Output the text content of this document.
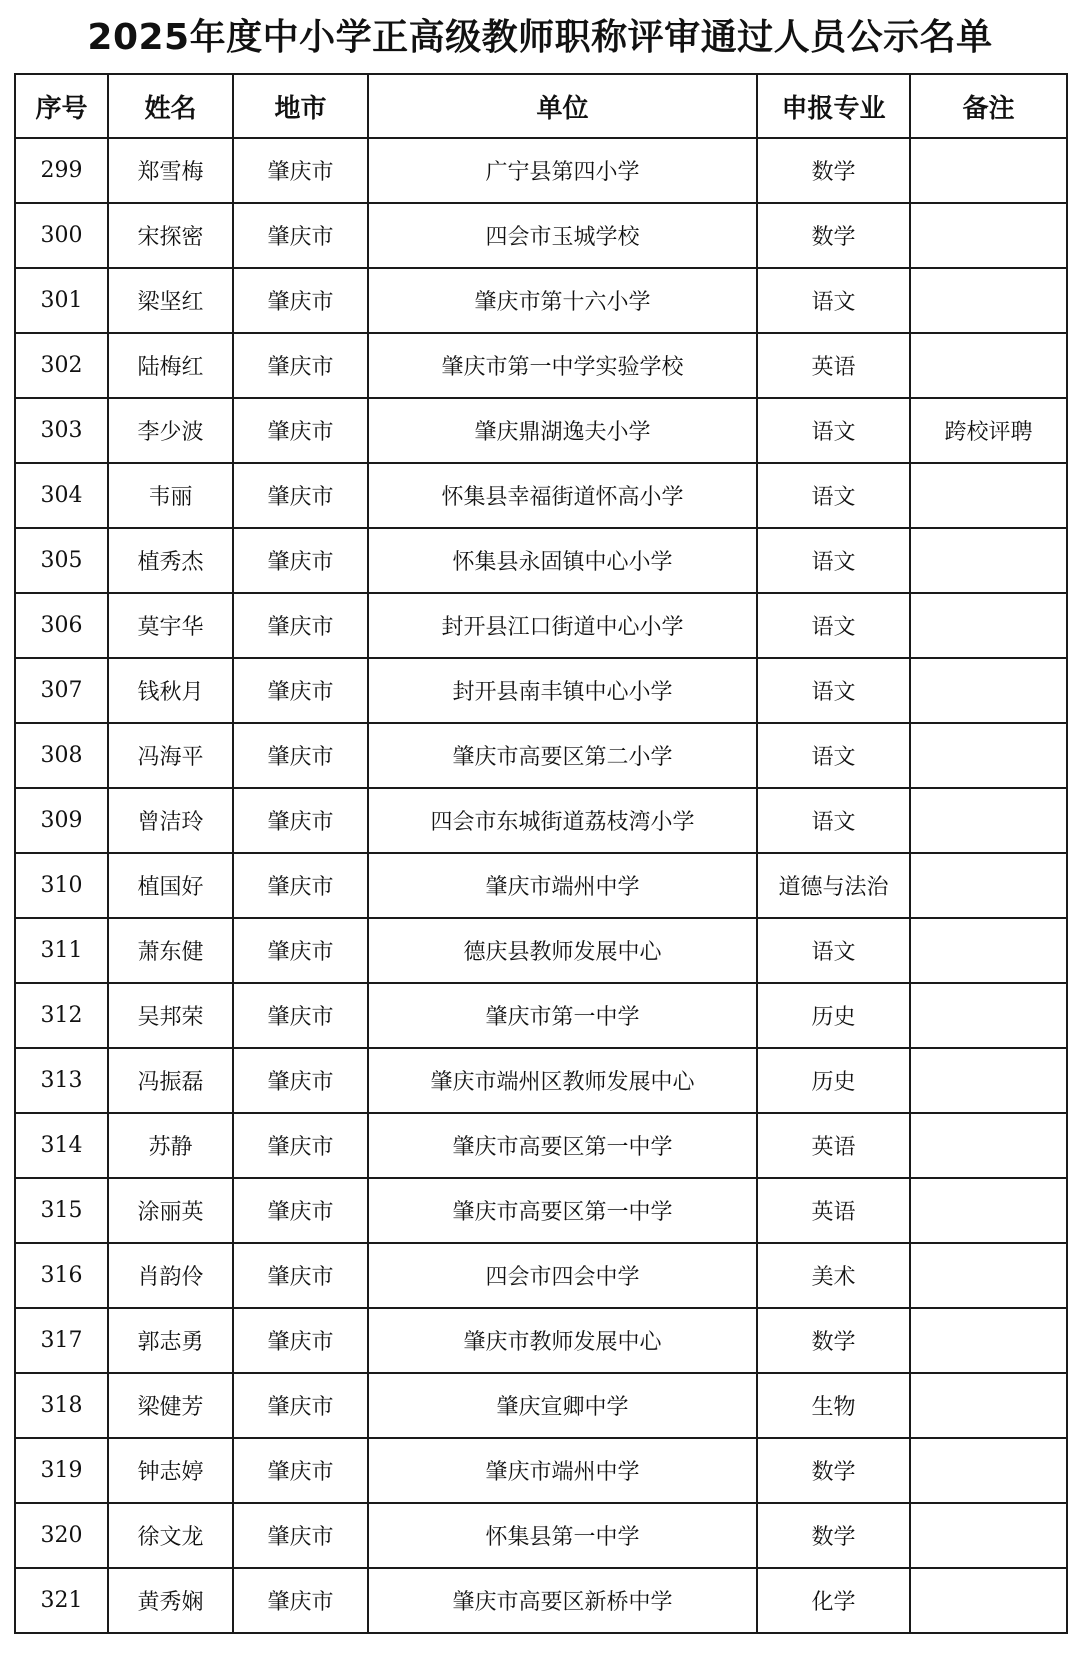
2025年度中小学正高级教师职称评审通过人员公示名单
序号	姓名	地市	单位	申报专业	备注
299	郑雪梅	肇庆市	广宁县第四小学	数学	
300	宋探密	肇庆市	四会市玉城学校	数学	
301	梁坚红	肇庆市	肇庆市第十六小学	语文	
302	陆梅红	肇庆市	肇庆市第一中学实验学校	英语	
303	李少波	肇庆市	肇庆鼎湖逸夫小学	语文	跨校评聘
304	韦丽	肇庆市	怀集县幸福街道怀高小学	语文	
305	植秀杰	肇庆市	怀集县永固镇中心小学	语文	
306	莫宇华	肇庆市	封开县江口街道中心小学	语文	
307	钱秋月	肇庆市	封开县南丰镇中心小学	语文	
308	冯海平	肇庆市	肇庆市高要区第二小学	语文	
309	曾洁玲	肇庆市	四会市东城街道荔枝湾小学	语文	
310	植国好	肇庆市	肇庆市端州中学	道德与法治	
311	萧东健	肇庆市	德庆县教师发展中心	语文	
312	吴邦荣	肇庆市	肇庆市第一中学	历史	
313	冯振磊	肇庆市	肇庆市端州区教师发展中心	历史	
314	苏静	肇庆市	肇庆市高要区第一中学	英语	
315	涂丽英	肇庆市	肇庆市高要区第一中学	英语	
316	肖韵伶	肇庆市	四会市四会中学	美术	
317	郭志勇	肇庆市	肇庆市教师发展中心	数学	
318	梁健芳	肇庆市	肇庆宣卿中学	生物	
319	钟志婷	肇庆市	肇庆市端州中学	数学	
320	徐文龙	肇庆市	怀集县第一中学	数学	
321	黄秀娴	肇庆市	肇庆市高要区新桥中学	化学	
